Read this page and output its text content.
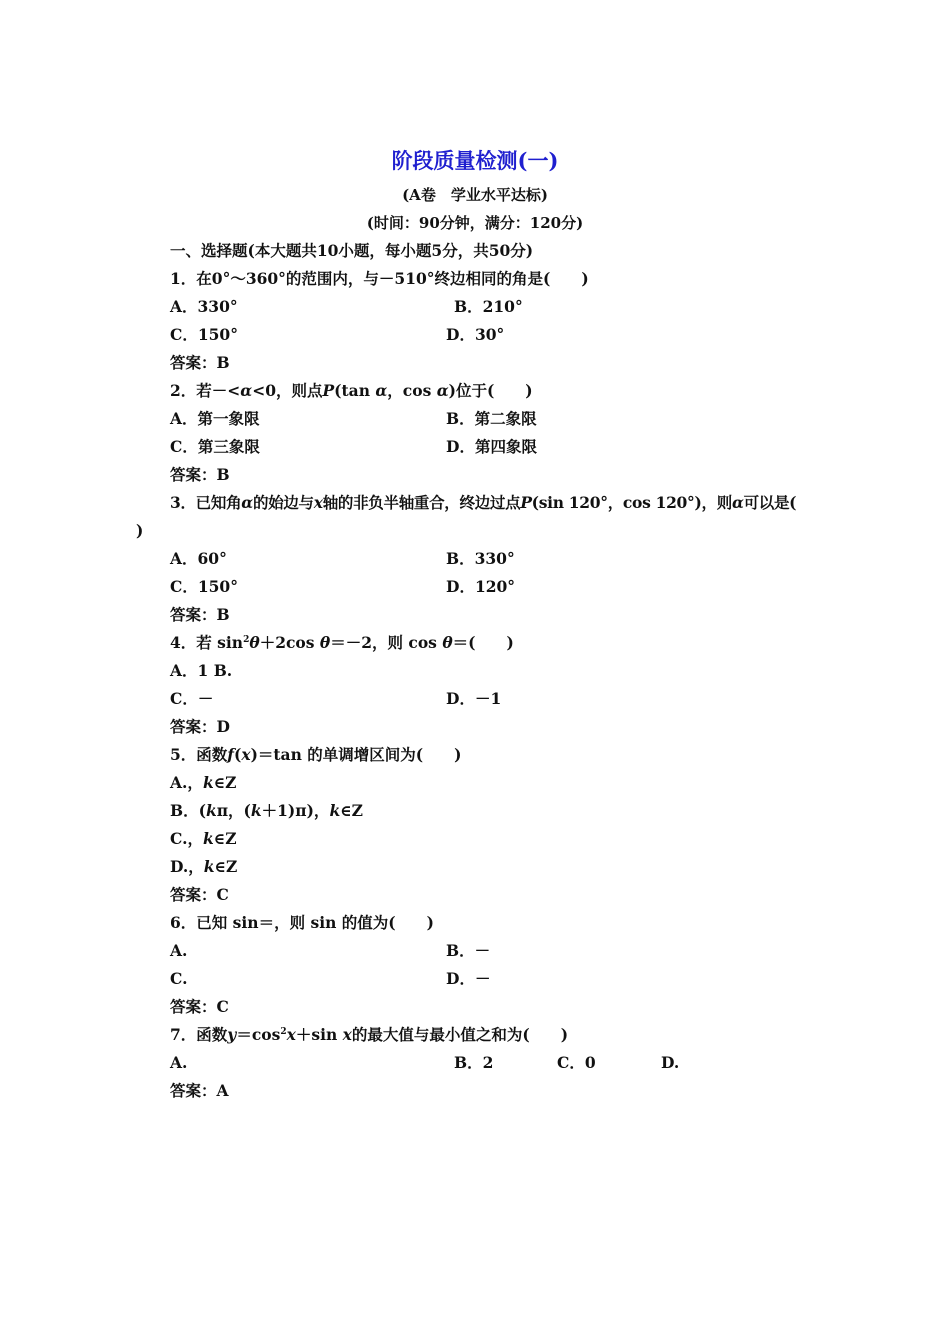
阶段质量检测(一)
(A卷　学业水平达标)
(时间：90分钟，满分：120分)
一、选择题(本大题共10小题，每小题5分，共50分)
1．在0°～360°的范围内，与－510°终边相同的角是(　　)
A．330°	B．210°
C．150°	D．30°
答案：B
2．若－<α<0，则点P(tan α，cos α)位于(　　)
A．第一象限	B．第二象限
C．第三象限	D．第四象限
答案：B
3．已知角α的始边与x轴的非负半轴重合，终边过点P(sin 120°，cos 120°)，则α可以是(
)
A．60°	B．330°
C．150°	D．120°
答案：B
4．若 $\sin^2\theta+2\cos$ θ＝－2，则 cos θ＝(　　)
A．1 B.
C．－	D．－1
答案：D
5．函数f(x)＝tan 的单调增区间为(　　)
A.，k∈Z
B．(kπ，(k＋1)π)，k∈Z
C.，k∈Z
D.，k∈Z
答案：C
6．已知 sin＝，则 sin 的值为(　　)
A.	B．－
C.	D．－
答案：C
7．函数$y=\cos^2x+\sin$ x的最大值与最小值之和为(　　)
A.	B．2	C．0	D.
答案：A
